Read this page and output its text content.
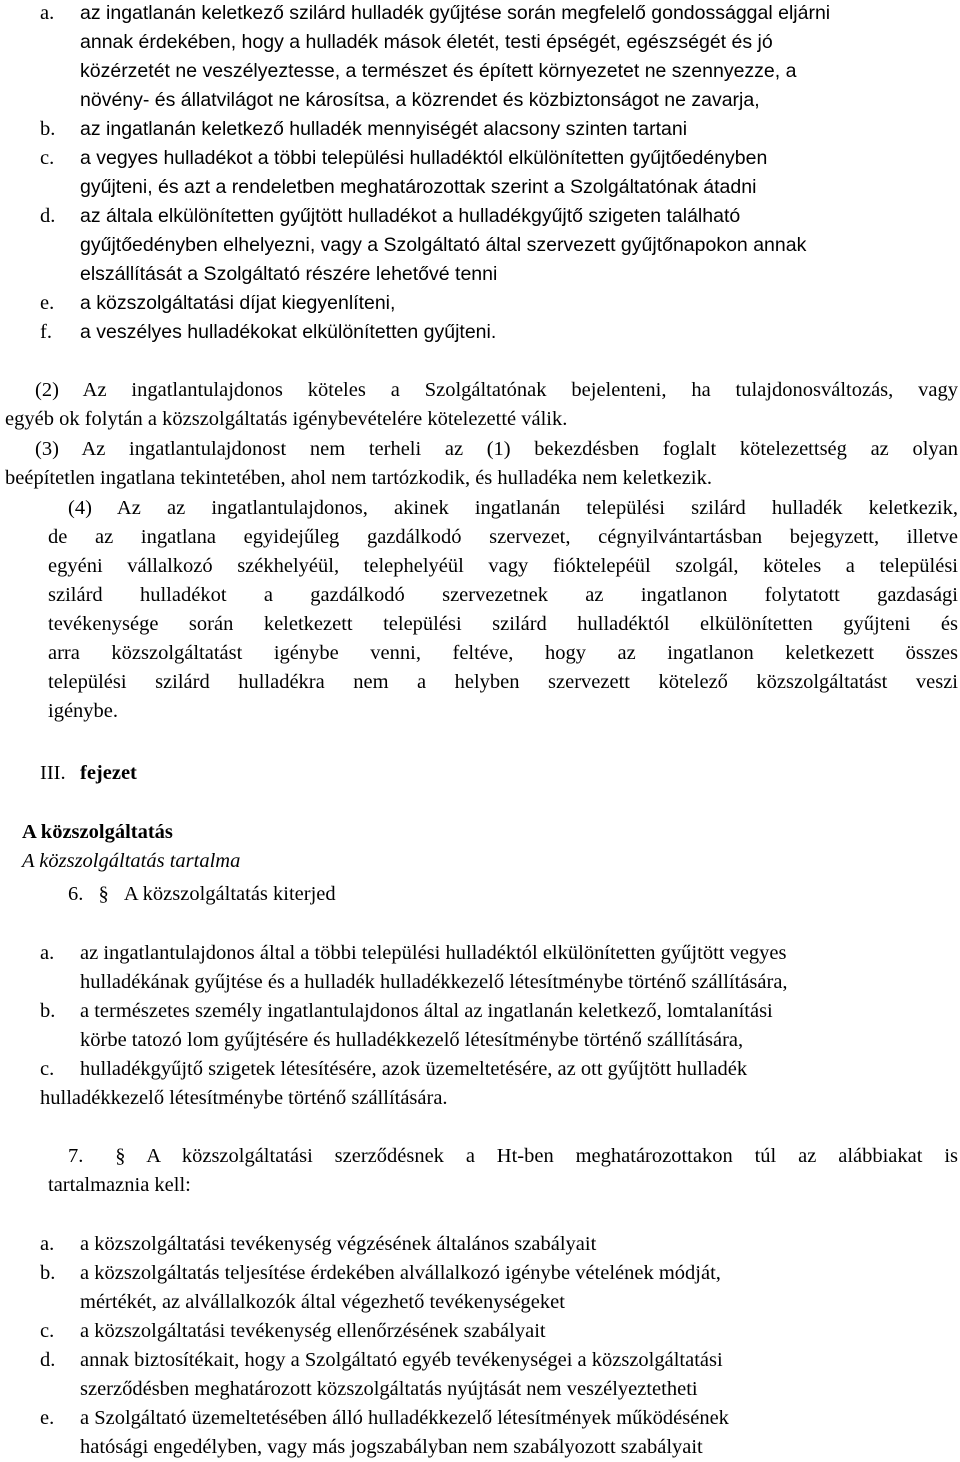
a.	az ingatlanán keletkező szilárd hulladék gyűjtése során megfelelő gondossággal eljárni
annak érdekében, hogy a hulladék mások életét, testi épségét, egészségét és jó
közérzetét ne veszélyeztesse, a természet és épített környezetet ne szennyezze, a
növény- és állatvilágot ne károsítsa, a közrendet és közbiztonságot ne zavarja,
b.	az ingatlanán keletkező hulladék mennyiségét alacsony szinten tartani
c.	a vegyes hulladékot a többi települési hulladéktól elkülönítetten gyűjtőedényben
gyűjteni, és azt a rendeletben meghatározottak szerint a Szolgáltatónak átadni
d.	az általa elkülönítetten gyűjtött hulladékot a hulladékgyűjtő szigeten található
gyűjtőedényben elhelyezni, vagy a Szolgáltató által szervezett gyűjtőnapokon annak
elszállítását a Szolgáltató részére lehetővé tenni
e.	a közszolgáltatási díjat kiegyenlíteni,
f.	a veszélyes hulladékokat elkülönítetten gyűjteni.
(2) Az ingatlantulajdonos köteles a Szolgáltatónak bejelenteni, ha tulajdonosváltozás, vagy
egyéb ok folytán a közszolgáltatás igénybevételére kötelezetté válik.
(3) Az ingatlantulajdonost nem terheli az (1) bekezdésben foglalt kötelezettség az olyan
beépítetlen ingatlana tekintetében, ahol nem tartózkodik, és hulladéka nem keletkezik.
(4) Az az ingatlantulajdonos, akinek ingatlanán települési szilárd hulladék keletkezik,
de az ingatlana egyidejűleg gazdálkodó szervezet, cégnyilvántartásban bejegyzett, illetve
egyéni vállalkozó székhelyéül, telephelyéül vagy fióktelepéül szolgál, köteles a települési
szilárd hulladékot a gazdálkodó szervezetnek az ingatlanon folytatott gazdasági
tevékenysége során keletkezett települési szilárd hulladéktól elkülönítetten gyűjteni és
arra közszolgáltatást igénybe venni, feltéve, hogy az ingatlanon keletkezett összes
települési szilárd hulladékra nem a helyben szervezett kötelező közszolgáltatást veszi
igénybe.
III. fejezet
A közszolgáltatás
A közszolgáltatás tartalma
6. § A közszolgáltatás kiterjed
a.	az ingatlantulajdonos által a többi települési hulladéktól elkülönítetten gyűjtött vegyes
hulladékának gyűjtése és a hulladék hulladékkezelő létesítménybe történő szállítására,
b.	a természetes személy ingatlantulajdonos által az ingatlanán keletkező, lomtalanítási
körbe tatozó lom gyűjtésére és hulladékkezelő létesítménybe történő szállítására,
c.	hulladékgyűjtő szigetek létesítésére, azok üzemeltetésére, az ott gyűjtött hulladék
hulladékkezelő létesítménybe történő szállítására.
7. § A közszolgáltatási szerződésnek a Ht-ben meghatározottakon túl az alábbiakat is
tartalmaznia kell:
a.	a közszolgáltatási tevékenység végzésének általános szabályait
b.	a közszolgáltatás teljesítése érdekében alvállalkozó igénybe vételének módját,
mértékét, az alvállalkozók által végezhető tevékenységeket
c.	a közszolgáltatási tevékenység ellenőrzésének szabályait
d.	annak biztosítékait, hogy a Szolgáltató egyéb tevékenységei a közszolgáltatási
szerződésben meghatározott közszolgáltatás nyújtását nem veszélyeztetheti
e.	a Szolgáltató üzemeltetésében álló hulladékkezelő létesítmények működésének
hatósági engedélyben, vagy más jogszabályban nem szabályozott szabályait
